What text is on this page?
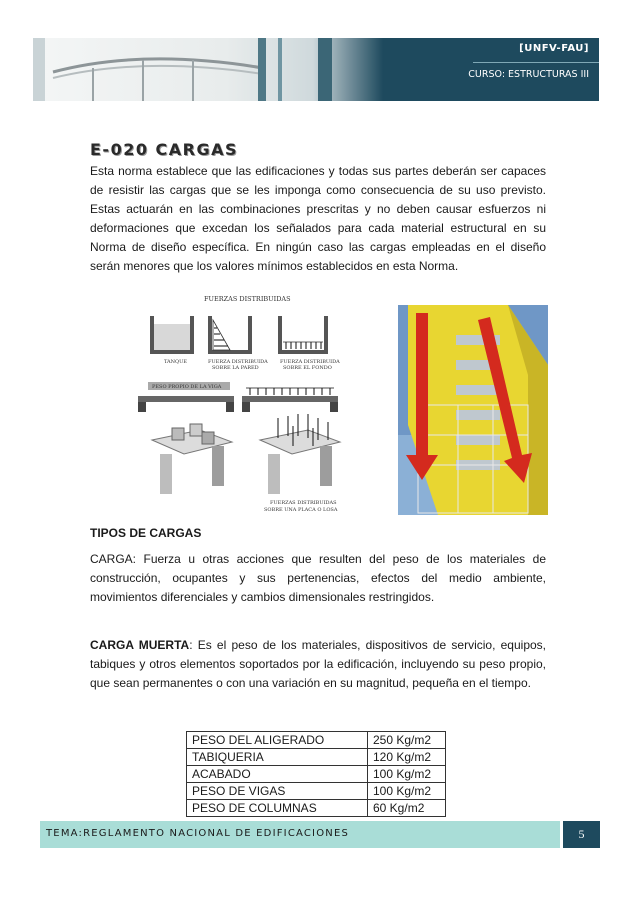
[UNFV-FAU]
CURSO: ESTRUCTURAS III
E-020 CARGAS

Esta norma establece que las edificaciones y todas sus partes deberán ser capaces de resistir las cargas que se les imponga como consecuencia de su uso previsto. Estas actuarán en las combinaciones prescritas y no deben causar esfuerzos ni deformaciones que excedan los señalados para cada material estructural en su Norma de diseño específica. En ningún caso las cargas empleadas en el diseño serán menores que los valores mínimos establecidos en esta Norma.

FUERZAS DISTRIBUIDAS
TANQUE	FUERZA DISTRIBUIDA
SOBRE LA PARED
FUERZA DISTRIBUIDA
SOBRE EL FONDO
PESO PROPIO DE LA VIGA
FUERZAS DISTRIBUIDAS
SOBRE UNA PLACA O LOSA
TIPOS DE CARGAS

CARGA: Fuerza u otras acciones que resulten del peso de los materiales de construcción, ocupantes y sus pertenencias, efectos del medio ambiente, movimientos diferenciales y cambios dimensionales restringidos.

CARGA MUERTA: Es el peso de los materiales, dispositivos de servicio, equipos, tabiques y otros elementos soportados por la edificación, incluyendo su peso propio, que sean permanentes o con una variación en su magnitud, pequeña en el tiempo.

PESO DEL ALIGERADO	250 Kg/m2
TABIQUERIA	120 Kg/m2
ACABADO	100 Kg/m2
PESO DE VIGAS	100 Kg/m2
PESO DE COLUMNAS	60 Kg/m2
TEMA:REGLAMENTO NACIONAL DE EDIFICACIONES	5
